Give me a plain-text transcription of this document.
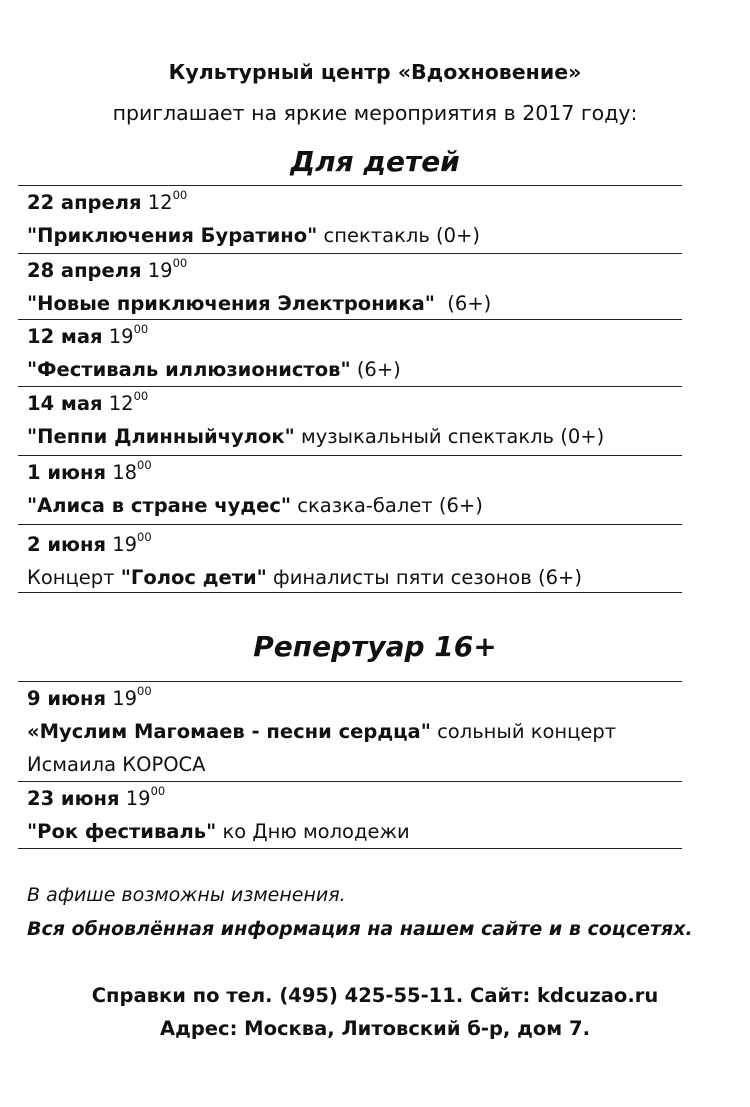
Культурный центр «Вдохновение»
приглашает на яркие мероприятия в 2017 году:
Для детей
22 апреля $12^{00}$
"Приключения Буратино" спектакль (0+)
28 апреля $19^{00}$
"Новые приключения Электроника"  (6+)
12 мая $19^{00}$
"Фестиваль иллюзионистов" (6+)
14 мая $12^{00}$
"Пеппи Длинныйчулок" музыкальный спектакль (0+)
1 июня $18^{00}$
"Алиса в стране чудес" сказка-балет (6+)
2 июня $19^{00}$
Концерт "Голос дети" финалисты пяти сезонов (6+)
Репертуар 16+
9 июня $19^{00}$
«Муслим Магомаев - песни сердца" сольный концерт
Исмаила КОРОСА
23 июня $19^{00}$
"Рок фестиваль" ко Дню молодежи
В афише возможны изменения.
Вся обновлённая информация на нашем сайте и в соцсетях.
Справки по тел. (495) 425-55-11. Сайт: kdcuzao.ru
Адрес: Москва, Литовский б-р, дом 7.
